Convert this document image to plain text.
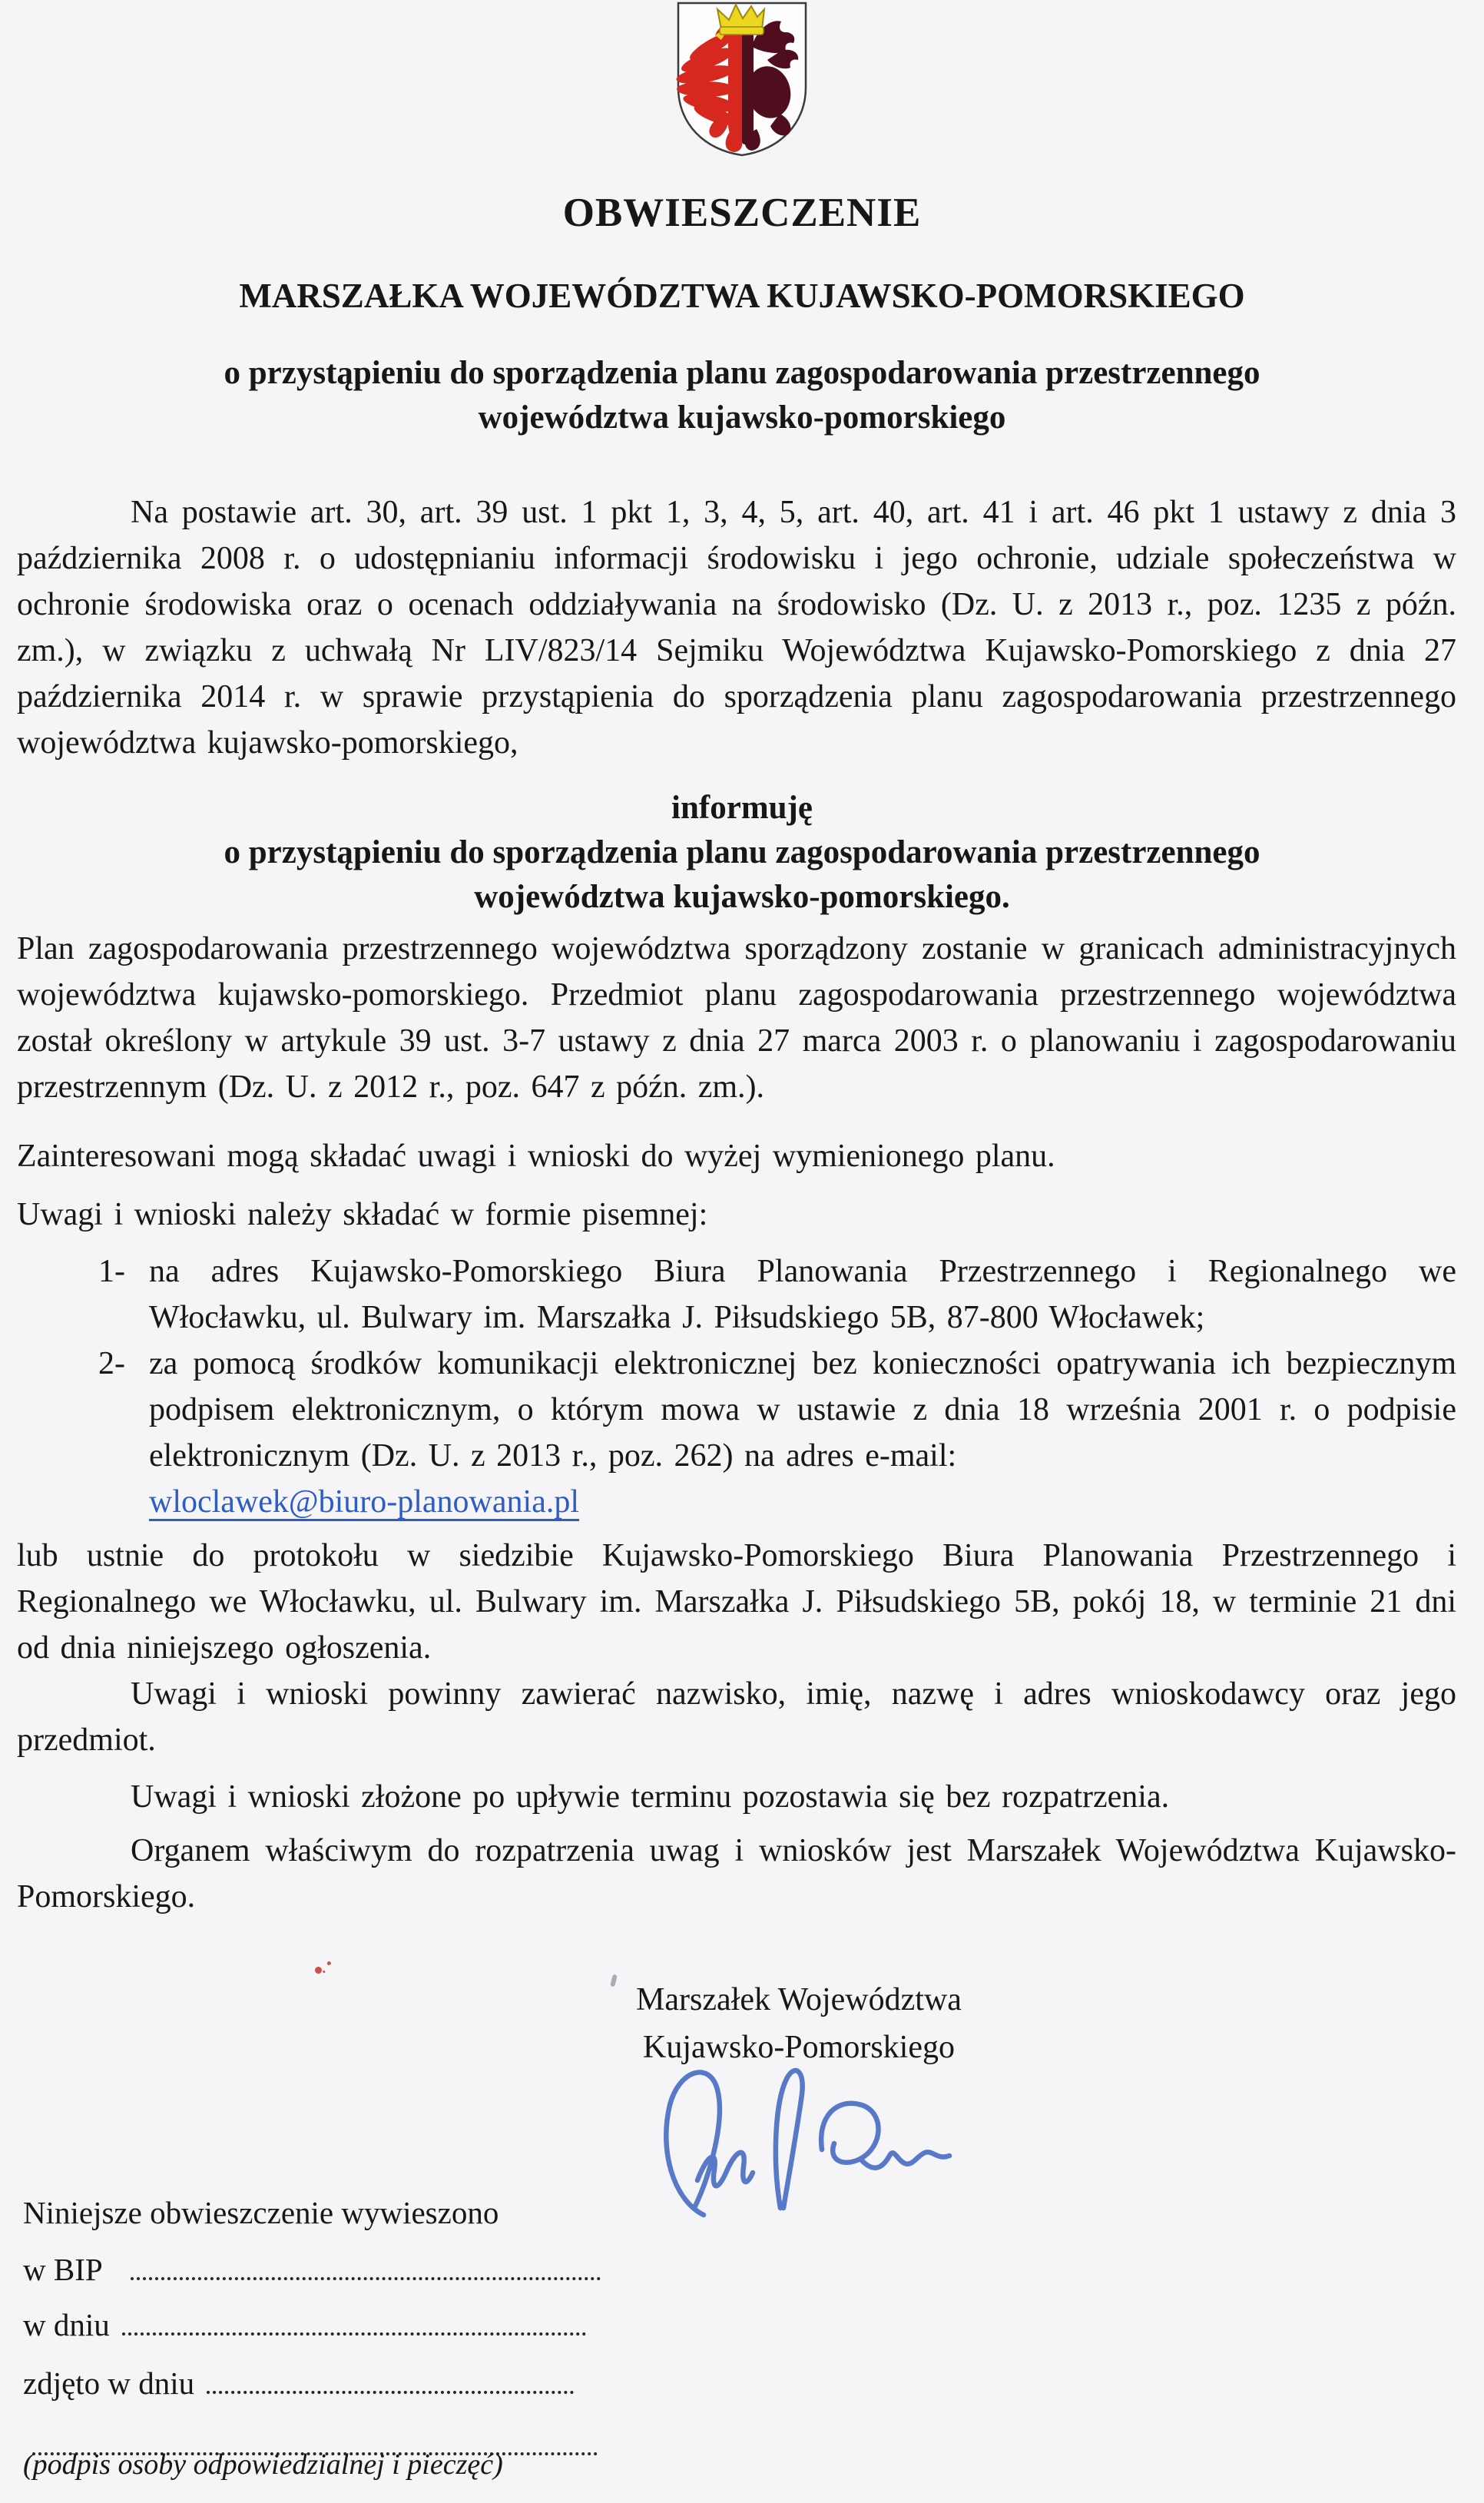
OBWIESZCZENIE
MARSZAŁKA WOJEWÓDZTWA KUJAWSKO-POMORSKIEGO
o przystąpieniu do sporządzenia planu zagospodarowania przestrzennego
województwa kujawsko-pomorskiego
Na postawie art. 30, art. 39 ust. 1 pkt 1, 3, 4, 5, art. 40, art. 41 i art. 46 pkt 1 ustawy z dnia 3 października 2008 r. o udostępnianiu informacji środowisku i jego ochronie, udziale społeczeństwa w ochronie środowiska oraz o ocenach oddziaływania na środowisko (Dz. U. z 2013 r., poz. 1235 z późn. zm.), w związku z uchwałą Nr LIV/823/14 Sejmiku Województwa Kujawsko-Pomorskiego z dnia 27 października 2014 r. w sprawie przystąpienia do sporządzenia planu zagospodarowania przestrzennego województwa kujawsko-pomorskiego,
informuję
o przystąpieniu do sporządzenia planu zagospodarowania przestrzennego
województwa kujawsko-pomorskiego.
Plan zagospodarowania przestrzennego województwa sporządzony zostanie w granicach administracyjnych województwa kujawsko-pomorskiego. Przedmiot planu zagospodarowania przestrzennego województwa został określony w artykule 39 ust. 3-7 ustawy z dnia 27 marca 2003 r. o planowaniu i zagospodarowaniu przestrzennym (Dz. U. z 2012 r., poz. 647 z późn. zm.).
Zainteresowani mogą składać uwagi i wnioski do wyżej wymienionego planu.
Uwagi i wnioski należy składać w formie pisemnej:
1- na adres Kujawsko-Pomorskiego Biura Planowania Przestrzennego i Regionalnego we Włocławku, ul. Bulwary im. Marszałka J. Piłsudskiego 5B, 87-800 Włocławek;
2- za pomocą środków komunikacji elektronicznej bez konieczności opatrywania ich bezpiecznym podpisem elektronicznym, o którym mowa w ustawie z dnia 18 września 2001 r. o podpisie elektronicznym (Dz. U. z 2013 r., poz. 262) na adres e-mail:
wloclawek@biuro-planowania.pl
lub ustnie do protokołu w siedzibie Kujawsko-Pomorskiego Biura Planowania Przestrzennego i Regionalnego we Włocławku, ul. Bulwary im. Marszałka J. Piłsudskiego 5B, pokój 18, w terminie 21 dni od dnia niniejszego ogłoszenia.
Uwagi i wnioski powinny zawierać nazwisko, imię, nazwę i adres wnioskodawcy oraz jego przedmiot.
Uwagi i wnioski złożone po upływie terminu pozostawia się bez rozpatrzenia.
Organem właściwym do rozpatrzenia uwag i wniosków jest Marszałek Województwa Kujawsko-Pomorskiego.
Marszałek Województwa
Kujawsko-Pomorskiego
Niniejsze obwieszczenie wywieszono
w BIP
w dniu
zdjęto w dniu
(podpis osoby odpowiedzialnej i pieczęć)
